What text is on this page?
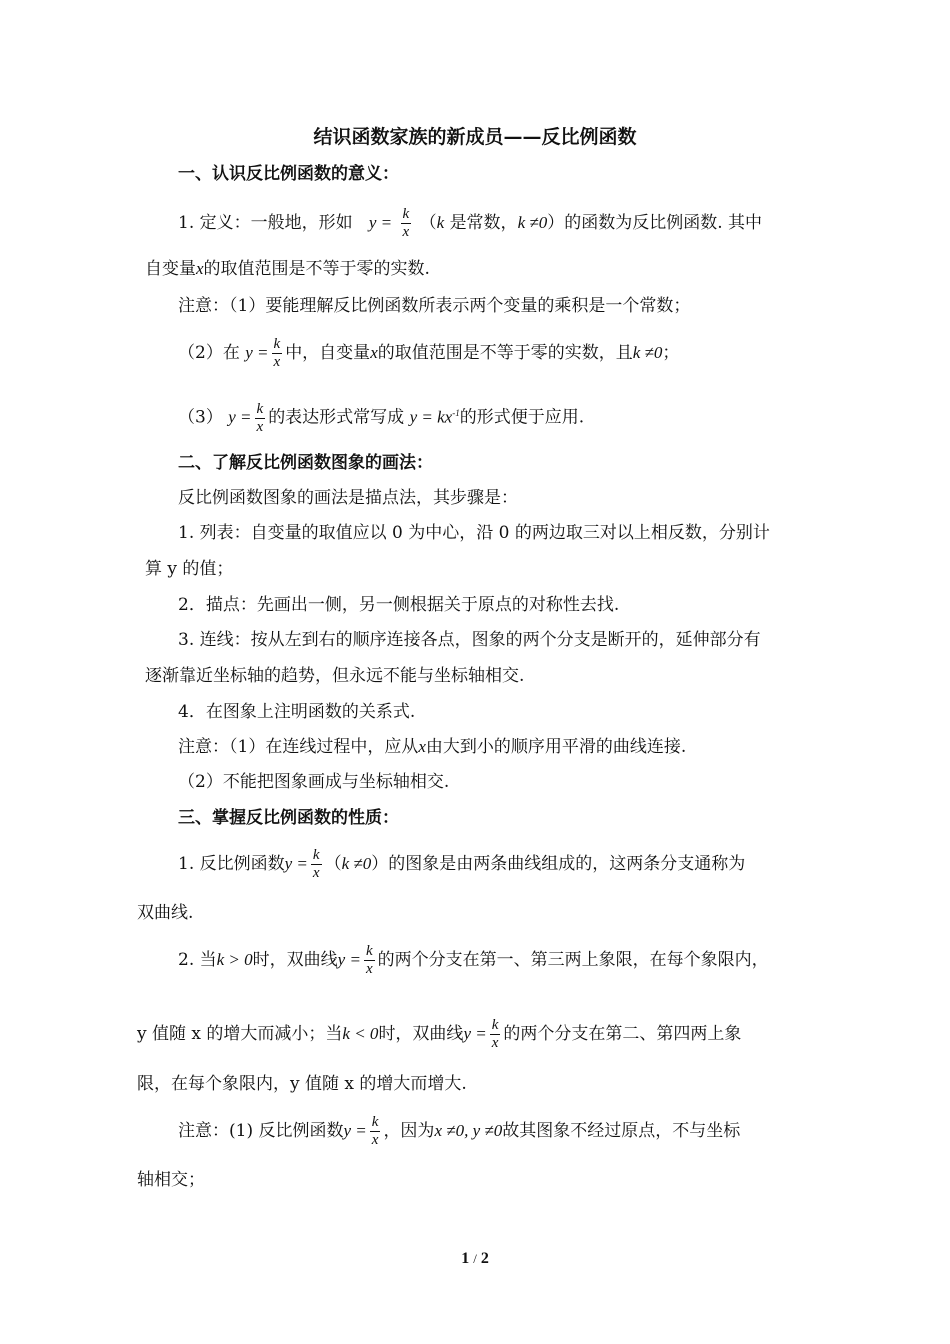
结识函数家族的新成员——反比例函数
一、认识反比例函数的意义：
1. 定义：一般地，形如 $y = \frac{k}{x} (k$ 是常数，k ≠0）的函数为反比例函数. 其中
自变量x的取值范围是不等于零的实数.
注意：（1）要能理解反比例函数所表示两个变量的乘积是一个常数；
（2）在 $y = \frac{k}{x}$ 中，自变量x的取值范围是不等于零的实数，且k ≠0；
（3） $y = \frac{k}{x}$ 的表达形式常写成 $y = kx^{-1}$的形式便于应用.
二、了解反比例函数图象的画法：
反比例函数图象的画法是描点法，其步骤是：
1. 列表：自变量的取值应以 0 为中心，沿 0 的两边取三对以上相反数，分别计
算 y 的值；
2．描点：先画出一侧，另一侧根据关于原点的对称性去找.
3. 连线：按从左到右的顺序连接各点，图象的两个分支是断开的，延伸部分有
逐渐靠近坐标轴的趋势，但永远不能与坐标轴相交.
4．在图象上注明函数的关系式.
注意：（1）在连线过程中，应从x由大到小的顺序用平滑的曲线连接.
（2）不能把图象画成与坐标轴相交.
三、掌握反比例函数的性质：
1. 反比例函数$y = \frac{k}{x} (k \ne 0)$的图象是由两条曲线组成的，这两条分支通称为
双曲线.
2. 当k > 0时，双曲线$y = \frac{k}{x}$ 的两个分支在第一、第三两上象限，在每个象限内，
y 值随 x 的增大而减小；当k < 0时，双曲线$y = \frac{k}{x}$ 的两个分支在第二、第四两上象
限，在每个象限内，y 值随 x 的增大而增大.
注意：(1) 反比例函数$y = \frac{k}{x}$ ，因为x ≠0, y ≠0故其图象不经过原点，不与坐标
轴相交；
1 / 2
